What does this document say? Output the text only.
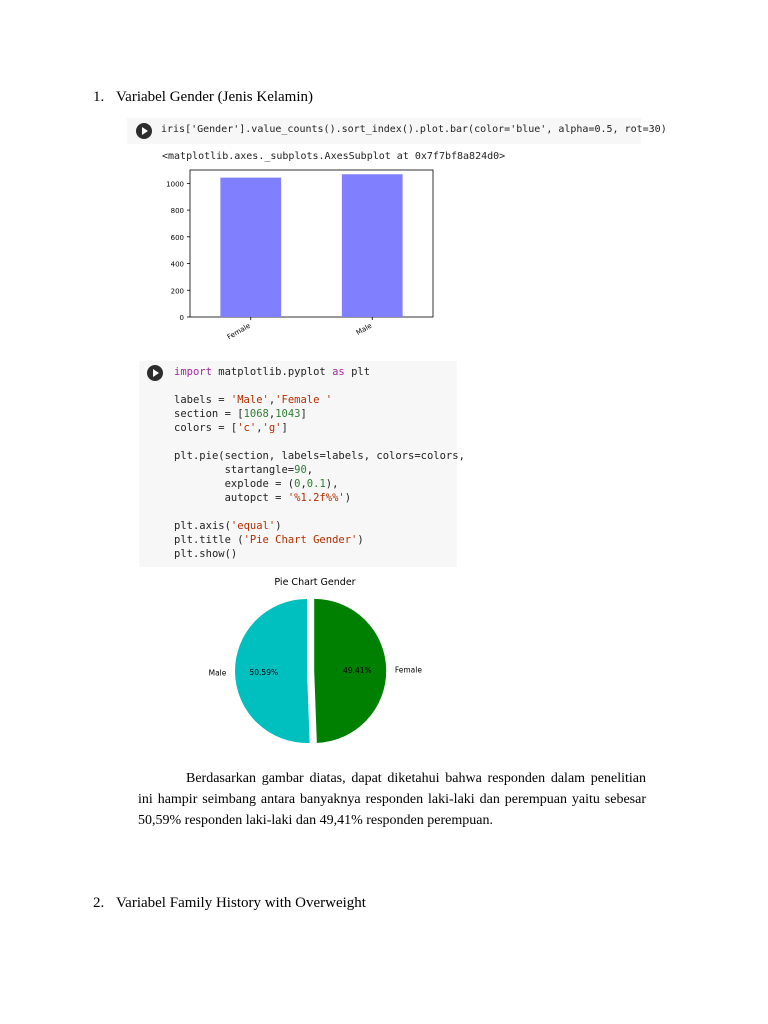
1. Variabel Gender (Jenis Kelamin)
iris['Gender'].value_counts().sort_index().plot.bar(color='blue', alpha=0.5, rot=30)
<matplotlib.axes._subplots.AxesSubplot at 0x7f7bf8a824d0>
0
200
400
600
800
1000
Female	Male
import matplotlib.pyplot as plt
labels = 'Male','Female '
section = [1068,1043]
colors = ['c','g']
plt.pie(section, labels=labels, colors=colors,
startangle=90,
explode = (0,0.1),
autopct = '%1.2f%%')
plt.axis('equal')
plt.title ('Pie Chart Gender')
plt.show()
Pie Chart Gender
50.59%
Male	49.41%	Female
Berdasarkan gambar diatas, dapat diketahui bahwa responden dalam penelitian ini hampir seimbang antara banyaknya responden laki-laki dan perempuan yaitu sebesar 50,59% responden laki-laki dan 49,41% responden perempuan.
2. Variabel Family History with Overweight
